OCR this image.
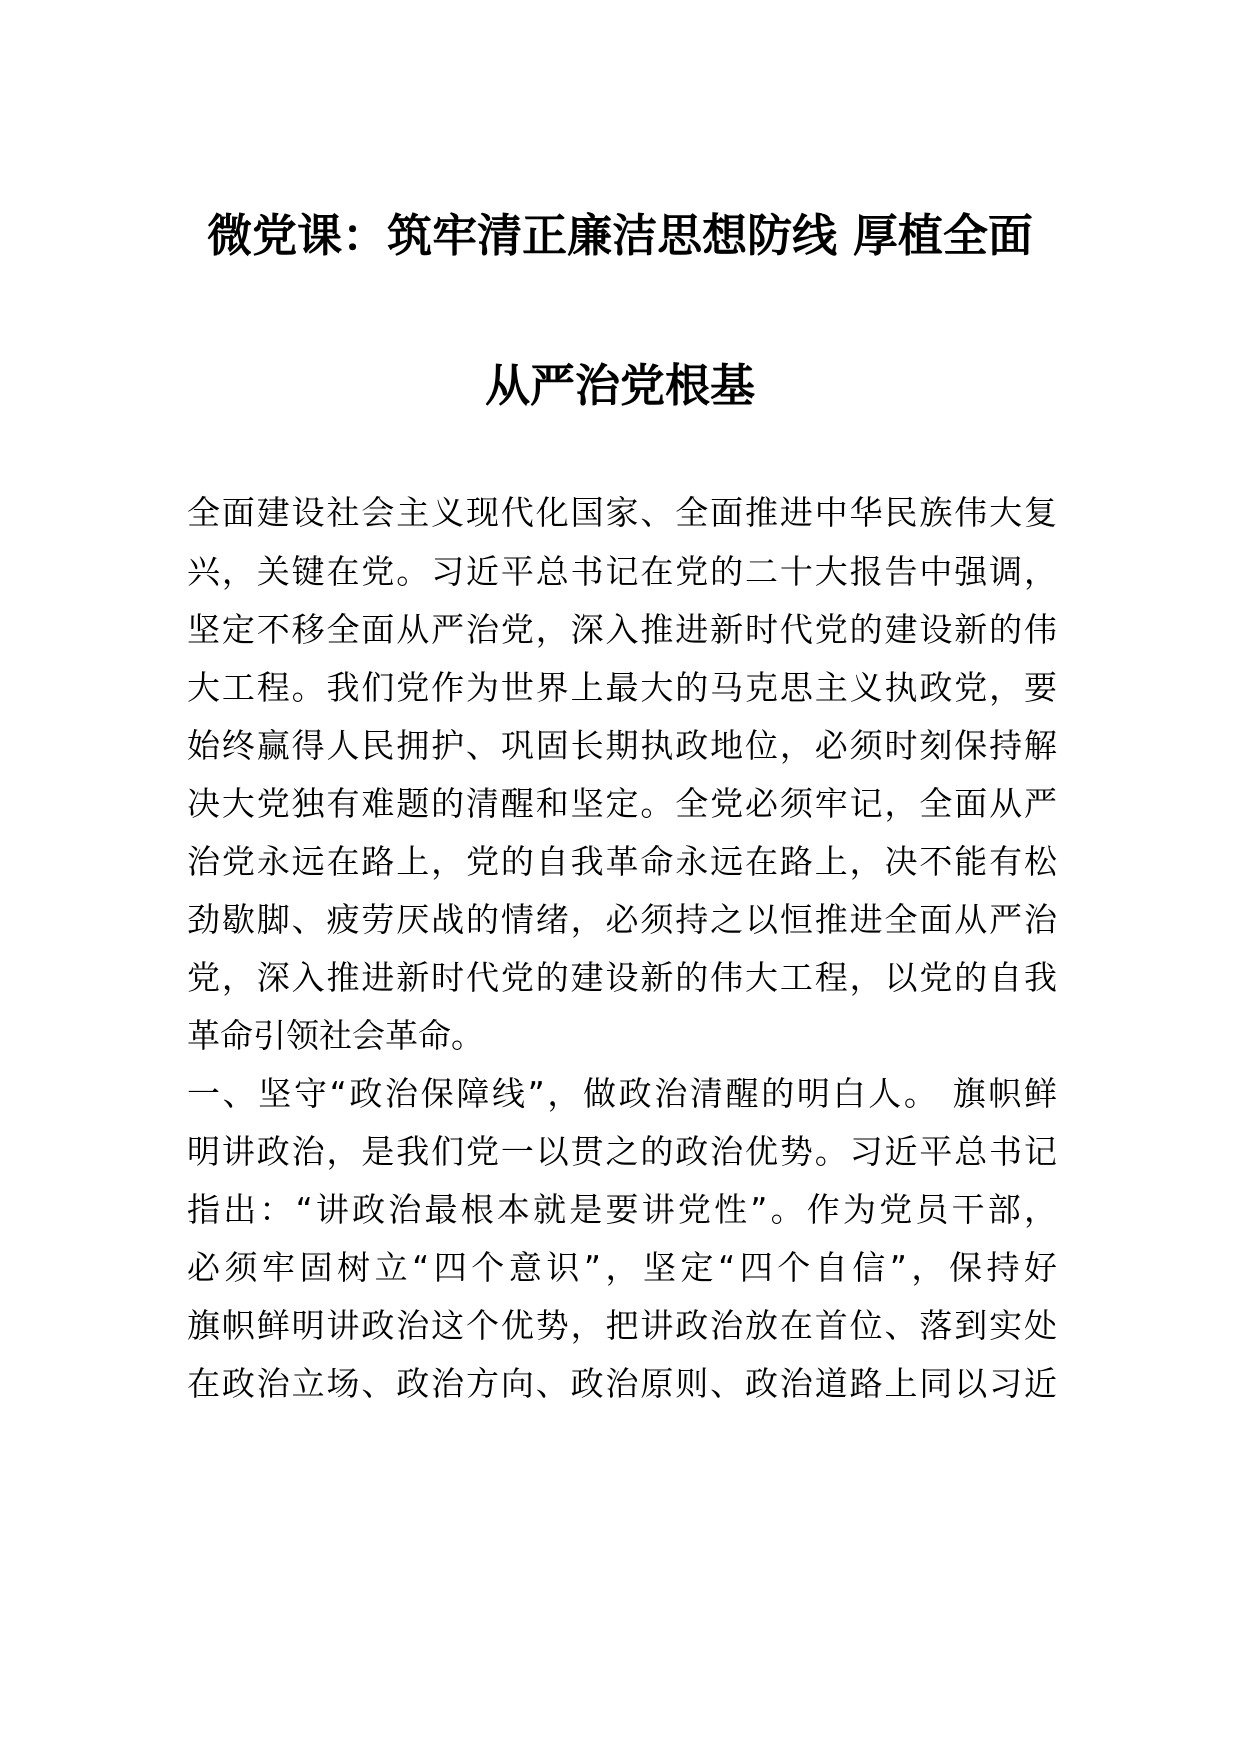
微党课：筑牢清正廉洁思想防线 厚植全面
从严治党根基
全面建设社会主义现代化国家、全面推进中华民族伟大复
兴，关键在党。习近平总书记在党的二十大报告中强调，
坚定不移全面从严治党，深入推进新时代党的建设新的伟
大工程。我们党作为世界上最大的马克思主义执政党，要
始终赢得人民拥护、巩固长期执政地位，必须时刻保持解
决大党独有难题的清醒和坚定。全党必须牢记，全面从严
治党永远在路上，党的自我革命永远在路上，决不能有松
劲歇脚、疲劳厌战的情绪，必须持之以恒推进全面从严治
党，深入推进新时代党的建设新的伟大工程，以党的自我
革命引领社会革命。
一、坚守“政治保障线”，做政治清醒的明白人。 旗帜鲜
明讲政治，是我们党一以贯之的政治优势。习近平总书记
指出：“讲政治最根本就是要讲党性”。作为党员干部，
必须牢固树立“四个意识”，坚定“四个自信”，保持好
旗帜鲜明讲政治这个优势，把讲政治放在首位、落到实处
在政治立场、政治方向、政治原则、政治道路上同以习近
